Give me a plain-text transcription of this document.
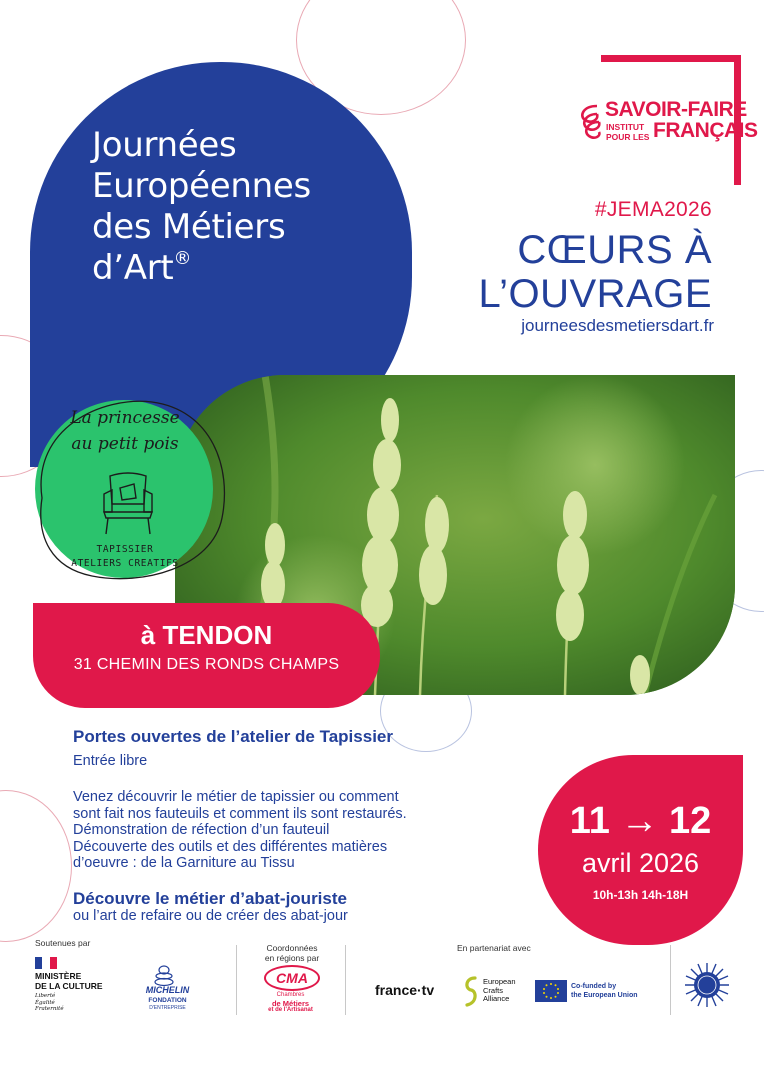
Journées
Européennes
des Métiers
d’Art®
SAVOIR-FAIRE
INSTITUT
POUR LES FRANÇAIS
#JEMA2026
CŒURS À
L’OUVRAGE
journeesdesmetiersdart.fr
La princesse
au petit pois
TAPISSIER
ATELIERS CREATIFS
à TENDON
31 CHEMIN DES RONDS CHAMPS
Portes ouvertes de l’atelier de Tapissier
Entrée libre
Venez découvrir le métier de tapissier ou comment
sont fait nos fauteuils et comment ils sont restaurés.
Démonstration de réfection d’un fauteuil
Découverte des outils et des différentes matières
d’oeuvre : de la Garniture au Tissu
Découvre le métier d’abat-jouriste
ou l’art de refaire ou de créer des abat-jour
11 → 12
avril 2026
10h-13h 14h-18H
Soutenues par	Coordonnées
en régions par
En partenariat avec
MINISTÈRE
DE LA CULTURE
Liberté
Égalité
Fraternité
MICHELIN
FONDATION
D'ENTREPRISE
CMA
Chambres
de Métiers
et de l'Artisanat
france·tv
European
Crafts
Alliance
Co-funded by
the European Union
